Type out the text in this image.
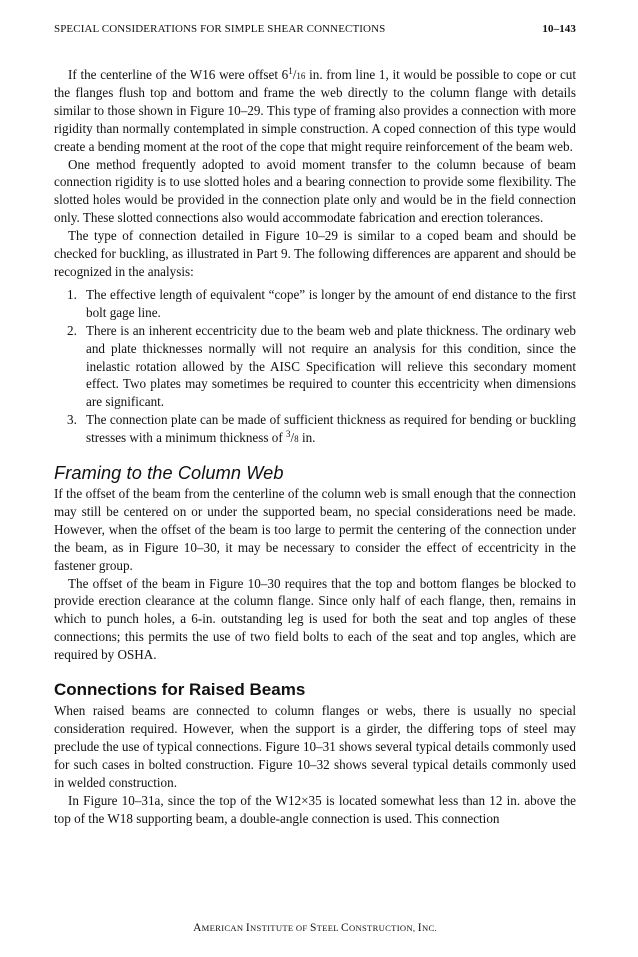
SPECIAL CONSIDERATIONS FOR SIMPLE SHEAR CONNECTIONS	10–143

If the centerline of the W16 were offset $6^1/16$ in. from line 1, it would be possible to cope or cut the flanges flush top and bottom and frame the web directly to the column flange with details similar to those shown in Figure 10–29. This type of framing also provides a connection with more rigidity than normally contemplated in simple construction. A coped connection of this type would create a bending moment at the root of the cope that might require reinforcement of the beam web.

One method frequently adopted to avoid moment transfer to the column because of beam connection rigidity is to use slotted holes and a bearing connection to provide some flexibility. The slotted holes would be provided in the connection plate only and would be in the field connection only. These slotted connections also would accommodate fabrication and erection tolerances.

The type of connection detailed in Figure 10–29 is similar to a coped beam and should be checked for buckling, as illustrated in Part 9. The following differences are apparent and should be recognized in the analysis:

1. The effective length of equivalent “cope” is longer by the amount of end distance to the first bolt gage line.
2. There is an inherent eccentricity due to the beam web and plate thickness. The ordinary web and plate thicknesses normally will not require an analysis for this condition, since the inelastic rotation allowed by the AISC Specification will relieve this secondary moment effect. Two plates may sometimes be required to counter this eccentricity when dimensions are significant.
3. The connection plate can be made of sufficient thickness as required for bending or buckling stresses with a minimum thickness of $^3$/8 in.
Framing to the Column Web

If the offset of the beam from the centerline of the column web is small enough that the connection may still be centered on or under the supported beam, no special considerations need be made. However, when the offset of the beam is too large to permit the centering of the connection under the beam, as in Figure 10–30, it may be necessary to consider the effect of eccentricity in the fastener group.

The offset of the beam in Figure 10–30 requires that the top and bottom flanges be blocked to provide erection clearance at the column flange. Since only half of each flange, then, remains in which to punch holes, a 6-in. outstanding leg is used for both the seat and top angles of these connections; this permits the use of two field bolts to each of the seat and top angles, which are required by OSHA.

Connections for Raised Beams

When raised beams are connected to column flanges or webs, there is usually no special consideration required. However, when the support is a girder, the differing tops of steel may preclude the use of typical connections. Figure 10–31 shows several typical details commonly used for such cases in bolted construction. Figure 10–32 shows several typical details commonly used in welded construction.

In Figure 10–31a, since the top of the W12×35 is located somewhat less than 12 in. above the top of the W18 supporting beam, a double-angle connection is used. This connection

AMERICAN INSTITUTE OF STEEL CONSTRUCTION, INC.
